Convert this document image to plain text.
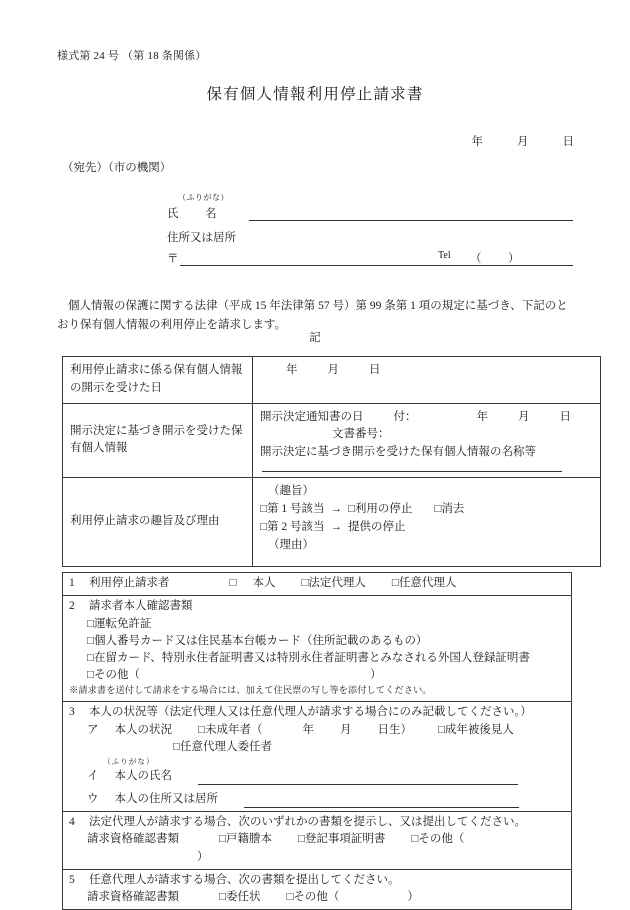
様式第 24 号 （第 18 条関係）
保有個人情報利用停止請求書
年	月	日
（宛先）（市の機関）
（ふりがな）
氏 名
住所又は居所
〒	Tel （ ）

個人情報の保護に関する法律（平成 15 年法律第 57 号）第 99 条第 1 項の規定に基づき、下記のとおり保有個人情報の利用停止を請求します。

記
利用停止請求に係る保有個人情報の開示を受けた日	年 月 日

開示決定に基づき開示を受けた保有個人情報	開示決定通知書の日 付： 年 月 日
文書番号：
開示決定に基づき開示を受けた保有個人情報の名称等

利用停止請求の趣旨及び理由	（趣旨）
□第 1 号該当 → □利用の停止 □消去
□第 2 号該当 → 提供の停止
（理由）
1 利用停止請求者	□ 本人 □法定代理人 □任意代理人

2 請求者本人確認書類
□運転免許証
□個人番号カード又は住民基本台帳カード（住所記載のあるもの）
□在留カード、特別永住者証明書又は特別永住者証明書とみなされる外国人登録証明書
□その他（	）
※請求書を送付して請求をする場合には、加えて住民票の写し等を添付してください。

3 本人の状況等（法定代理人又は任意代理人が請求する場合にのみ記載してください。）
ア 本人の状況 □未成年者（	年 月 日生） □成年被後見人
□任意代理人委任者
（ふりがな）
イ 本人の氏名
ウ 本人の住所又は居所

4 法定代理人が請求する場合、次のいずれかの書類を提示し、又は提出してください。
請求資格確認書類	□戸籍謄本 □登記事項証明書 □その他（）

5 任意代理人が請求する場合、次の書類を提出してください。
請求資格確認書類	□委任状 □その他（	）
